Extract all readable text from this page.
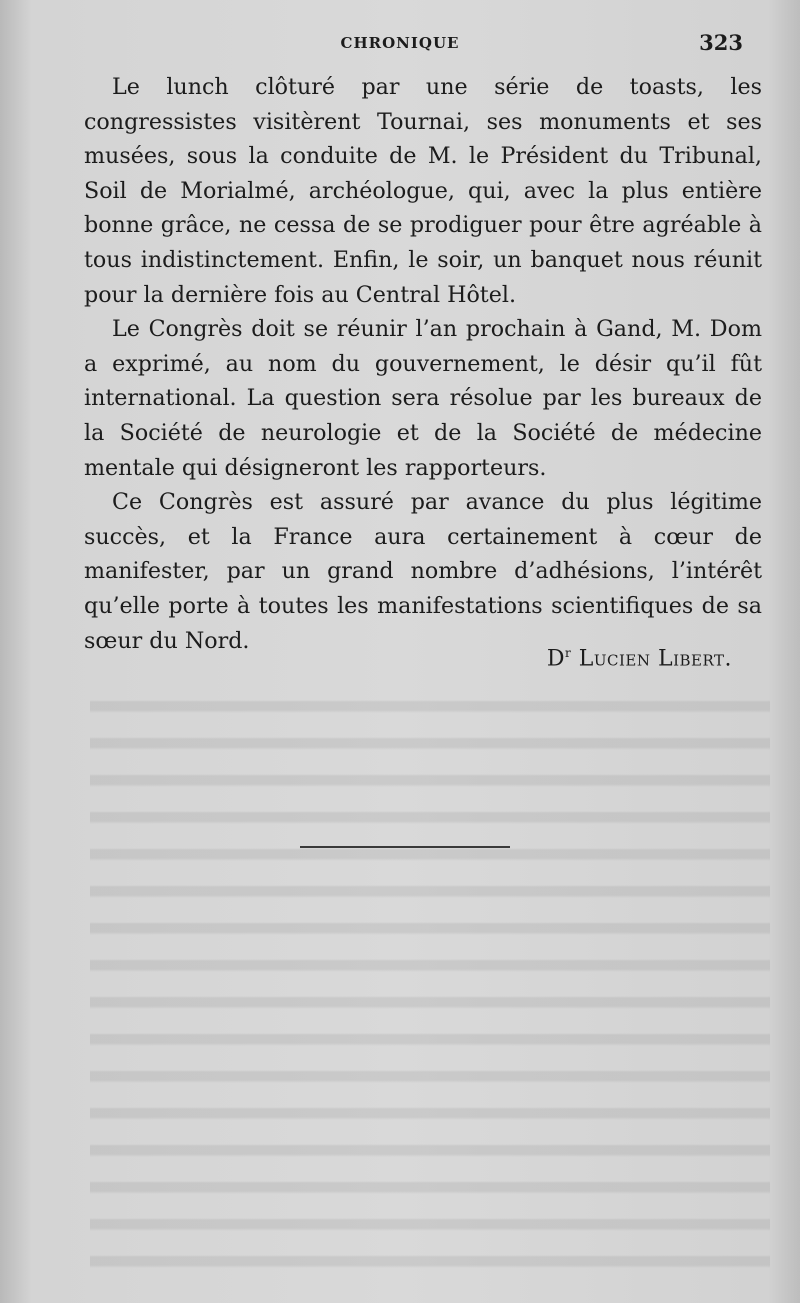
CHRONIQUE	323

Le lunch clôturé par une série de toasts, les congressistes visitèrent Tournai, ses monuments et ses musées, sous la conduite de M. le Président du Tribunal, Soil de Morialmé, archéologue, qui, avec la plus entière bonne grâce, ne cessa de se prodiguer pour être agréable à tous indistinctement. Enfin, le soir, un banquet nous réunit pour la dernière fois au Central Hôtel.

Le Congrès doit se réunir l’an prochain à Gand, M. Dom a exprimé, au nom du gouvernement, le désir qu’il fût international. La question sera résolue par les bureaux de la Société de neurologie et de la Société de médecine mentale qui désigneront les rapporteurs.

Ce Congrès est assuré par avance du plus légitime succès, et la France aura certainement à cœur de manifester, par un grand nombre d’adhésions, l’intérêt qu’elle porte à toutes les manifestations scientifiques de sa sœur du Nord.

$D^r$ Lucien Libert.
